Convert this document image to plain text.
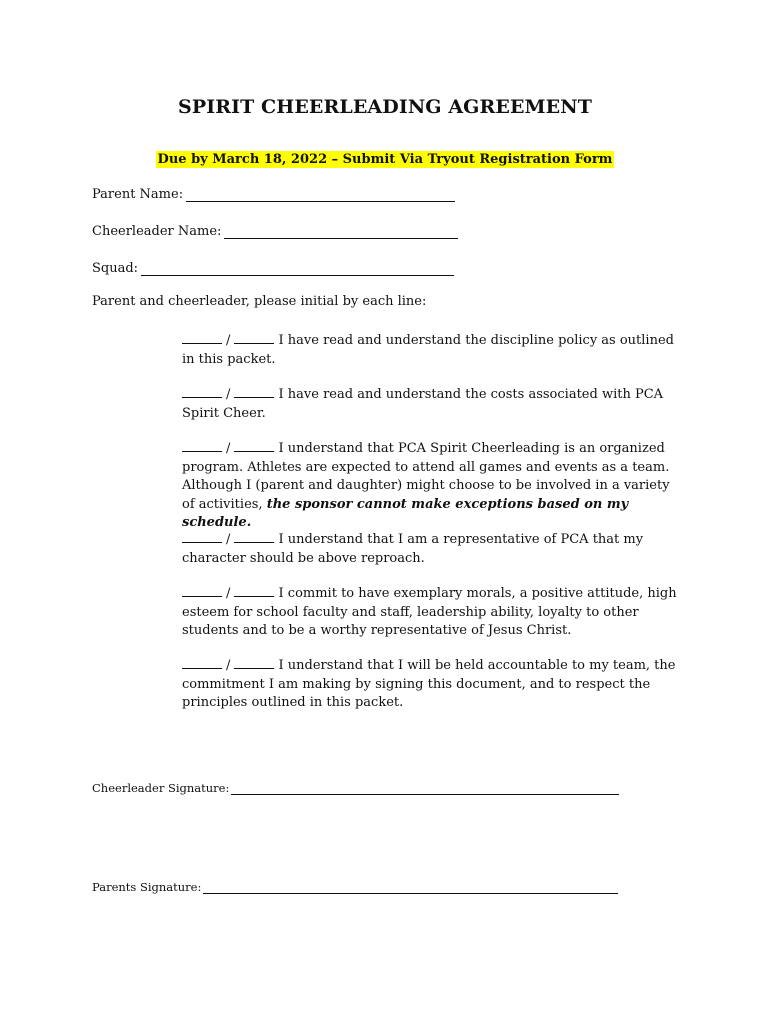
SPIRIT CHEERLEADING AGREEMENT
Due by March 18, 2022 – Submit Via Tryout Registration Form
Parent Name:
Cheerleader Name:
Squad:
Parent and cheerleader, please initial by each line:
/	I have read and understand the discipline policy as outlined in this packet.
/	I have read and understand the costs associated with PCA Spirit Cheer.
/	I understand that PCA Spirit Cheerleading is an organized program. Athletes are expected to attend all games and events as a team. Although I (parent and daughter) might choose to be involved in a variety of activities, the sponsor cannot make exceptions based on my schedule.
/	I understand that I am a representative of PCA that my character should be above reproach.
/	I commit to have exemplary morals, a positive attitude, high esteem for school faculty and staff, leadership ability, loyalty to other students and to be a worthy representative of Jesus Christ.
/	I understand that I will be held accountable to my team, the commitment I am making by signing this document, and to respect the principles outlined in this packet.
Cheerleader Signature:
Parents Signature:
